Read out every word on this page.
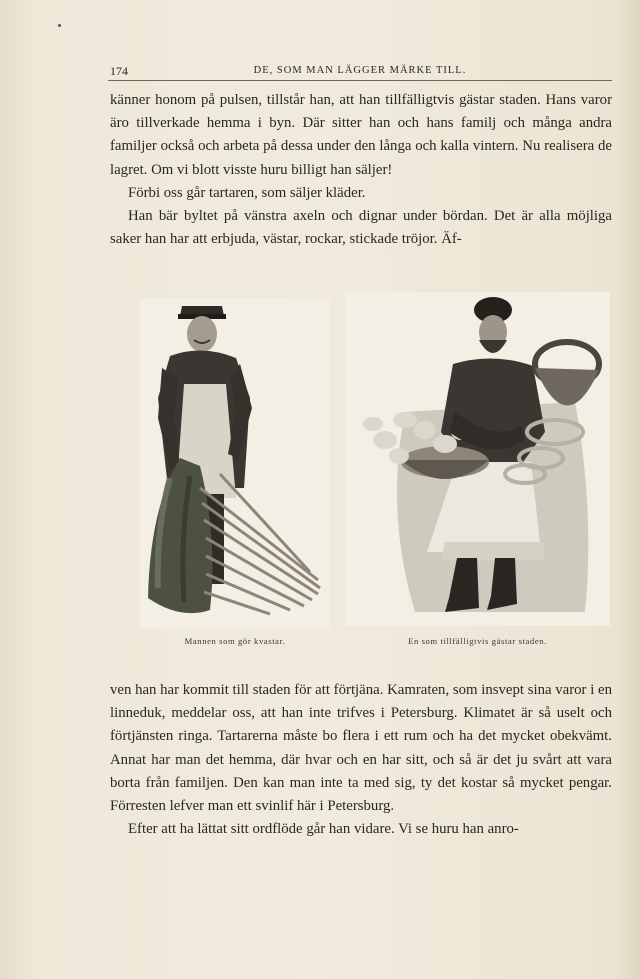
174	DE, SOM MAN LÄGGER MÄRKE TILL.

känner honom på pulsen, tillstår han, att han tillfälligtvis gästar staden. Hans varor äro tillverkade hemma i byn. Där sitter han och hans familj och många andra familjer också och arbeta på dessa under den långa och kalla vintern. Nu realisera de lagret. Om vi blott visste huru billigt han säljer!

Förbi oss går tartaren, som säljer kläder.

Han bär byltet på vänstra axeln och dignar under bördan. Det är alla möjliga saker han har att erbjuda, västar, rockar, stickade tröjor. Äf-

Mannen som gör kvastar.	En som tillfälligtvis gästar staden.

ven han har kommit till staden för att förtjäna. Kamraten, som insvept sina varor i en linneduk, meddelar oss, att han inte trifves i Petersburg. Klimatet är så uselt och förtjänsten ringa. Tartarerna måste bo flera i ett rum och ha det mycket obekvämt. Annat har man det hemma, där hvar och en har sitt, och så är det ju svårt att vara borta från familjen. Den kan man inte ta med sig, ty det kostar så mycket pengar. Förresten lefver man ett svinlif här i Petersburg.

Efter att ha lättat sitt ordflöde går han vidare. Vi se huru han anro-
